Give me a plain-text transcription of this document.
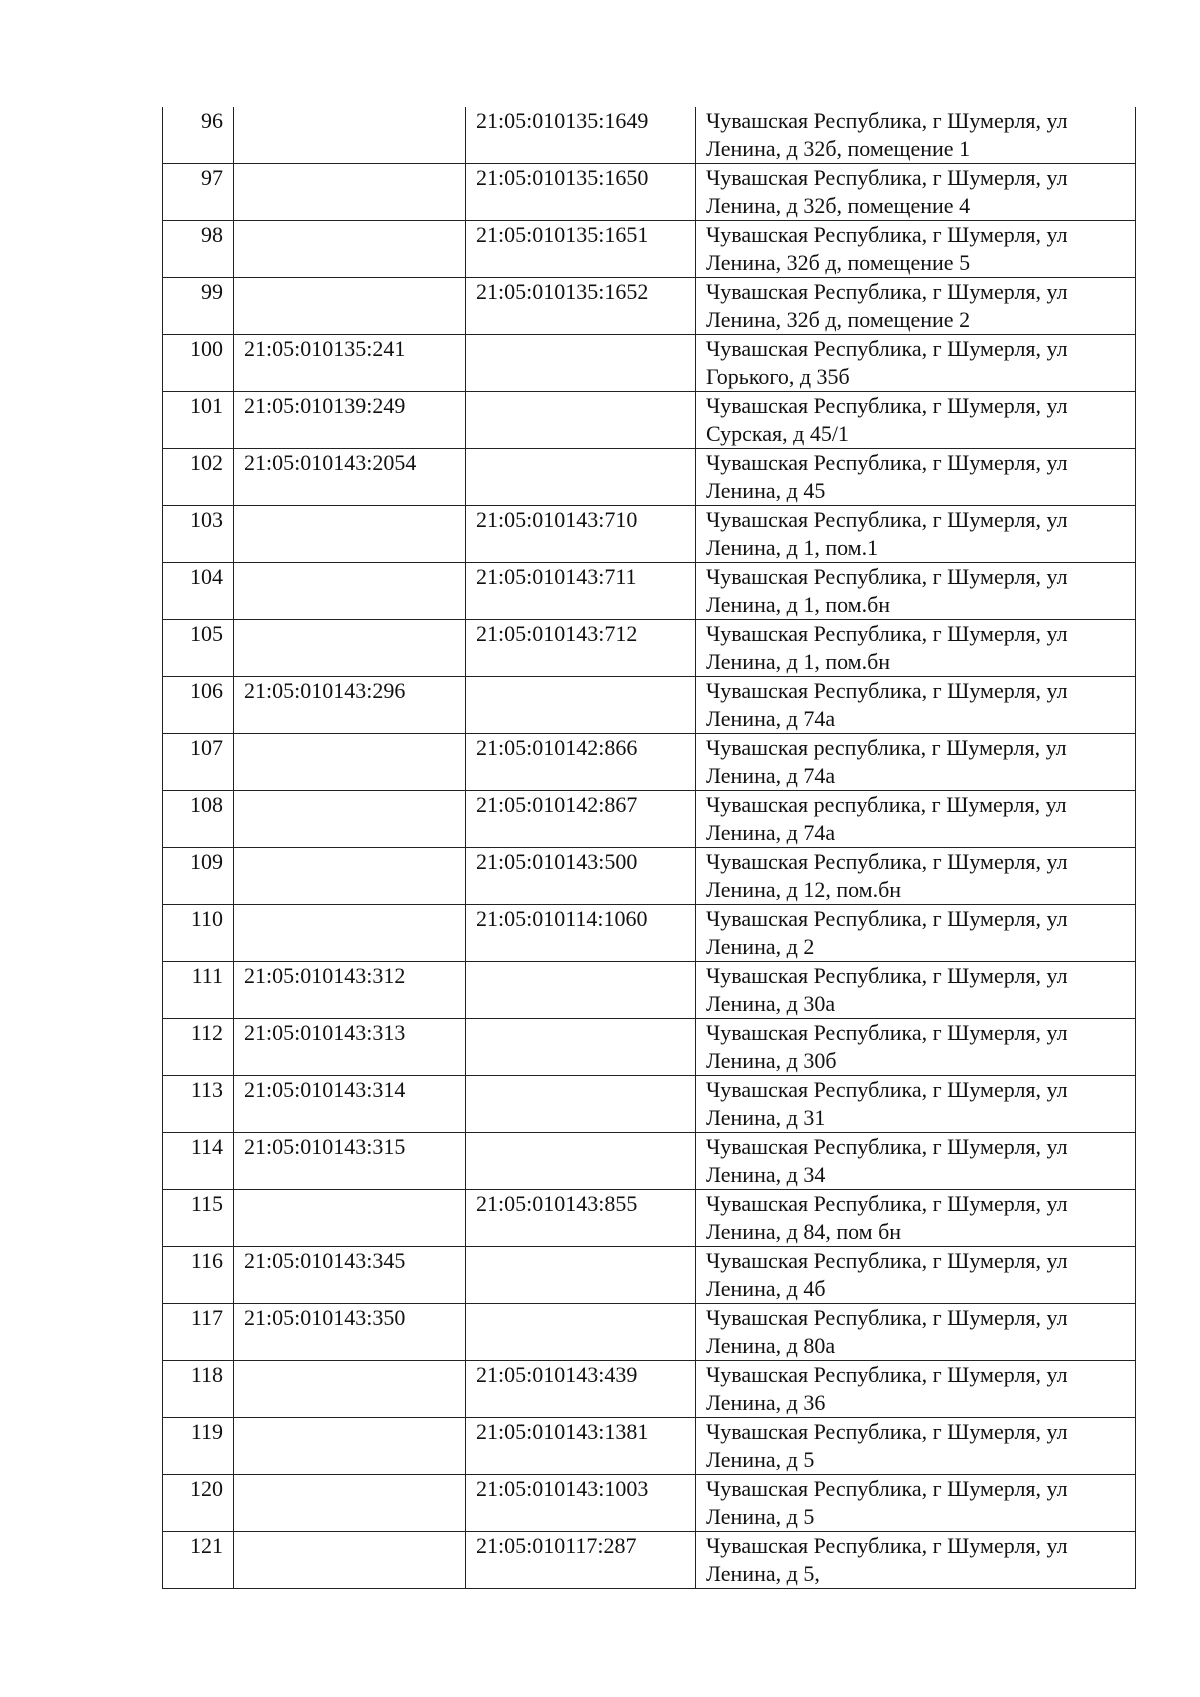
96		21:05:010135:1649	Чувашская Республика, г Шумерля, ул Ленина, д 32б, помещение 1
97		21:05:010135:1650	Чувашская Республика, г Шумерля, ул Ленина, д 32б, помещение 4
98		21:05:010135:1651	Чувашская Республика, г Шумерля, ул Ленина, 32б д, помещение 5
99		21:05:010135:1652	Чувашская Республика, г Шумерля, ул Ленина, 32б д, помещение 2
100	21:05:010135:241		Чувашская Республика, г Шумерля, ул Горького, д 35б
101	21:05:010139:249		Чувашская Республика, г Шумерля, ул Сурская, д 45/1
102	21:05:010143:2054		Чувашская Республика, г Шумерля, ул Ленина, д 45
103		21:05:010143:710	Чувашская Республика, г Шумерля, ул Ленина, д 1, пом.1
104		21:05:010143:711	Чувашская Республика, г Шумерля, ул Ленина, д 1, пом.бн
105		21:05:010143:712	Чувашская Республика, г Шумерля, ул Ленина, д 1, пом.бн
106	21:05:010143:296		Чувашская Республика, г Шумерля, ул Ленина, д 74а
107		21:05:010142:866	Чувашская республика, г Шумерля, ул Ленина, д 74а
108		21:05:010142:867	Чувашская республика, г Шумерля, ул Ленина, д 74а
109		21:05:010143:500	Чувашская Республика, г Шумерля, ул Ленина, д 12, пом.бн
110		21:05:010114:1060	Чувашская Республика, г Шумерля, ул Ленина, д 2
111	21:05:010143:312		Чувашская Республика, г Шумерля, ул Ленина, д 30а
112	21:05:010143:313		Чувашская Республика, г Шумерля, ул Ленина, д 30б
113	21:05:010143:314		Чувашская Республика, г Шумерля, ул Ленина, д 31
114	21:05:010143:315		Чувашская Республика, г Шумерля, ул Ленина, д 34
115		21:05:010143:855	Чувашская Республика, г Шумерля, ул Ленина, д 84, пом бн
116	21:05:010143:345		Чувашская Республика, г Шумерля, ул Ленина, д 4б
117	21:05:010143:350		Чувашская Республика, г Шумерля, ул Ленина, д 80а
118		21:05:010143:439	Чувашская Республика, г Шумерля, ул Ленина, д 36
119		21:05:010143:1381	Чувашская Республика, г Шумерля, ул Ленина, д 5
120		21:05:010143:1003	Чувашская Республика, г Шумерля, ул Ленина, д 5
121		21:05:010117:287	Чувашская Республика, г Шумерля, ул Ленина, д 5,
